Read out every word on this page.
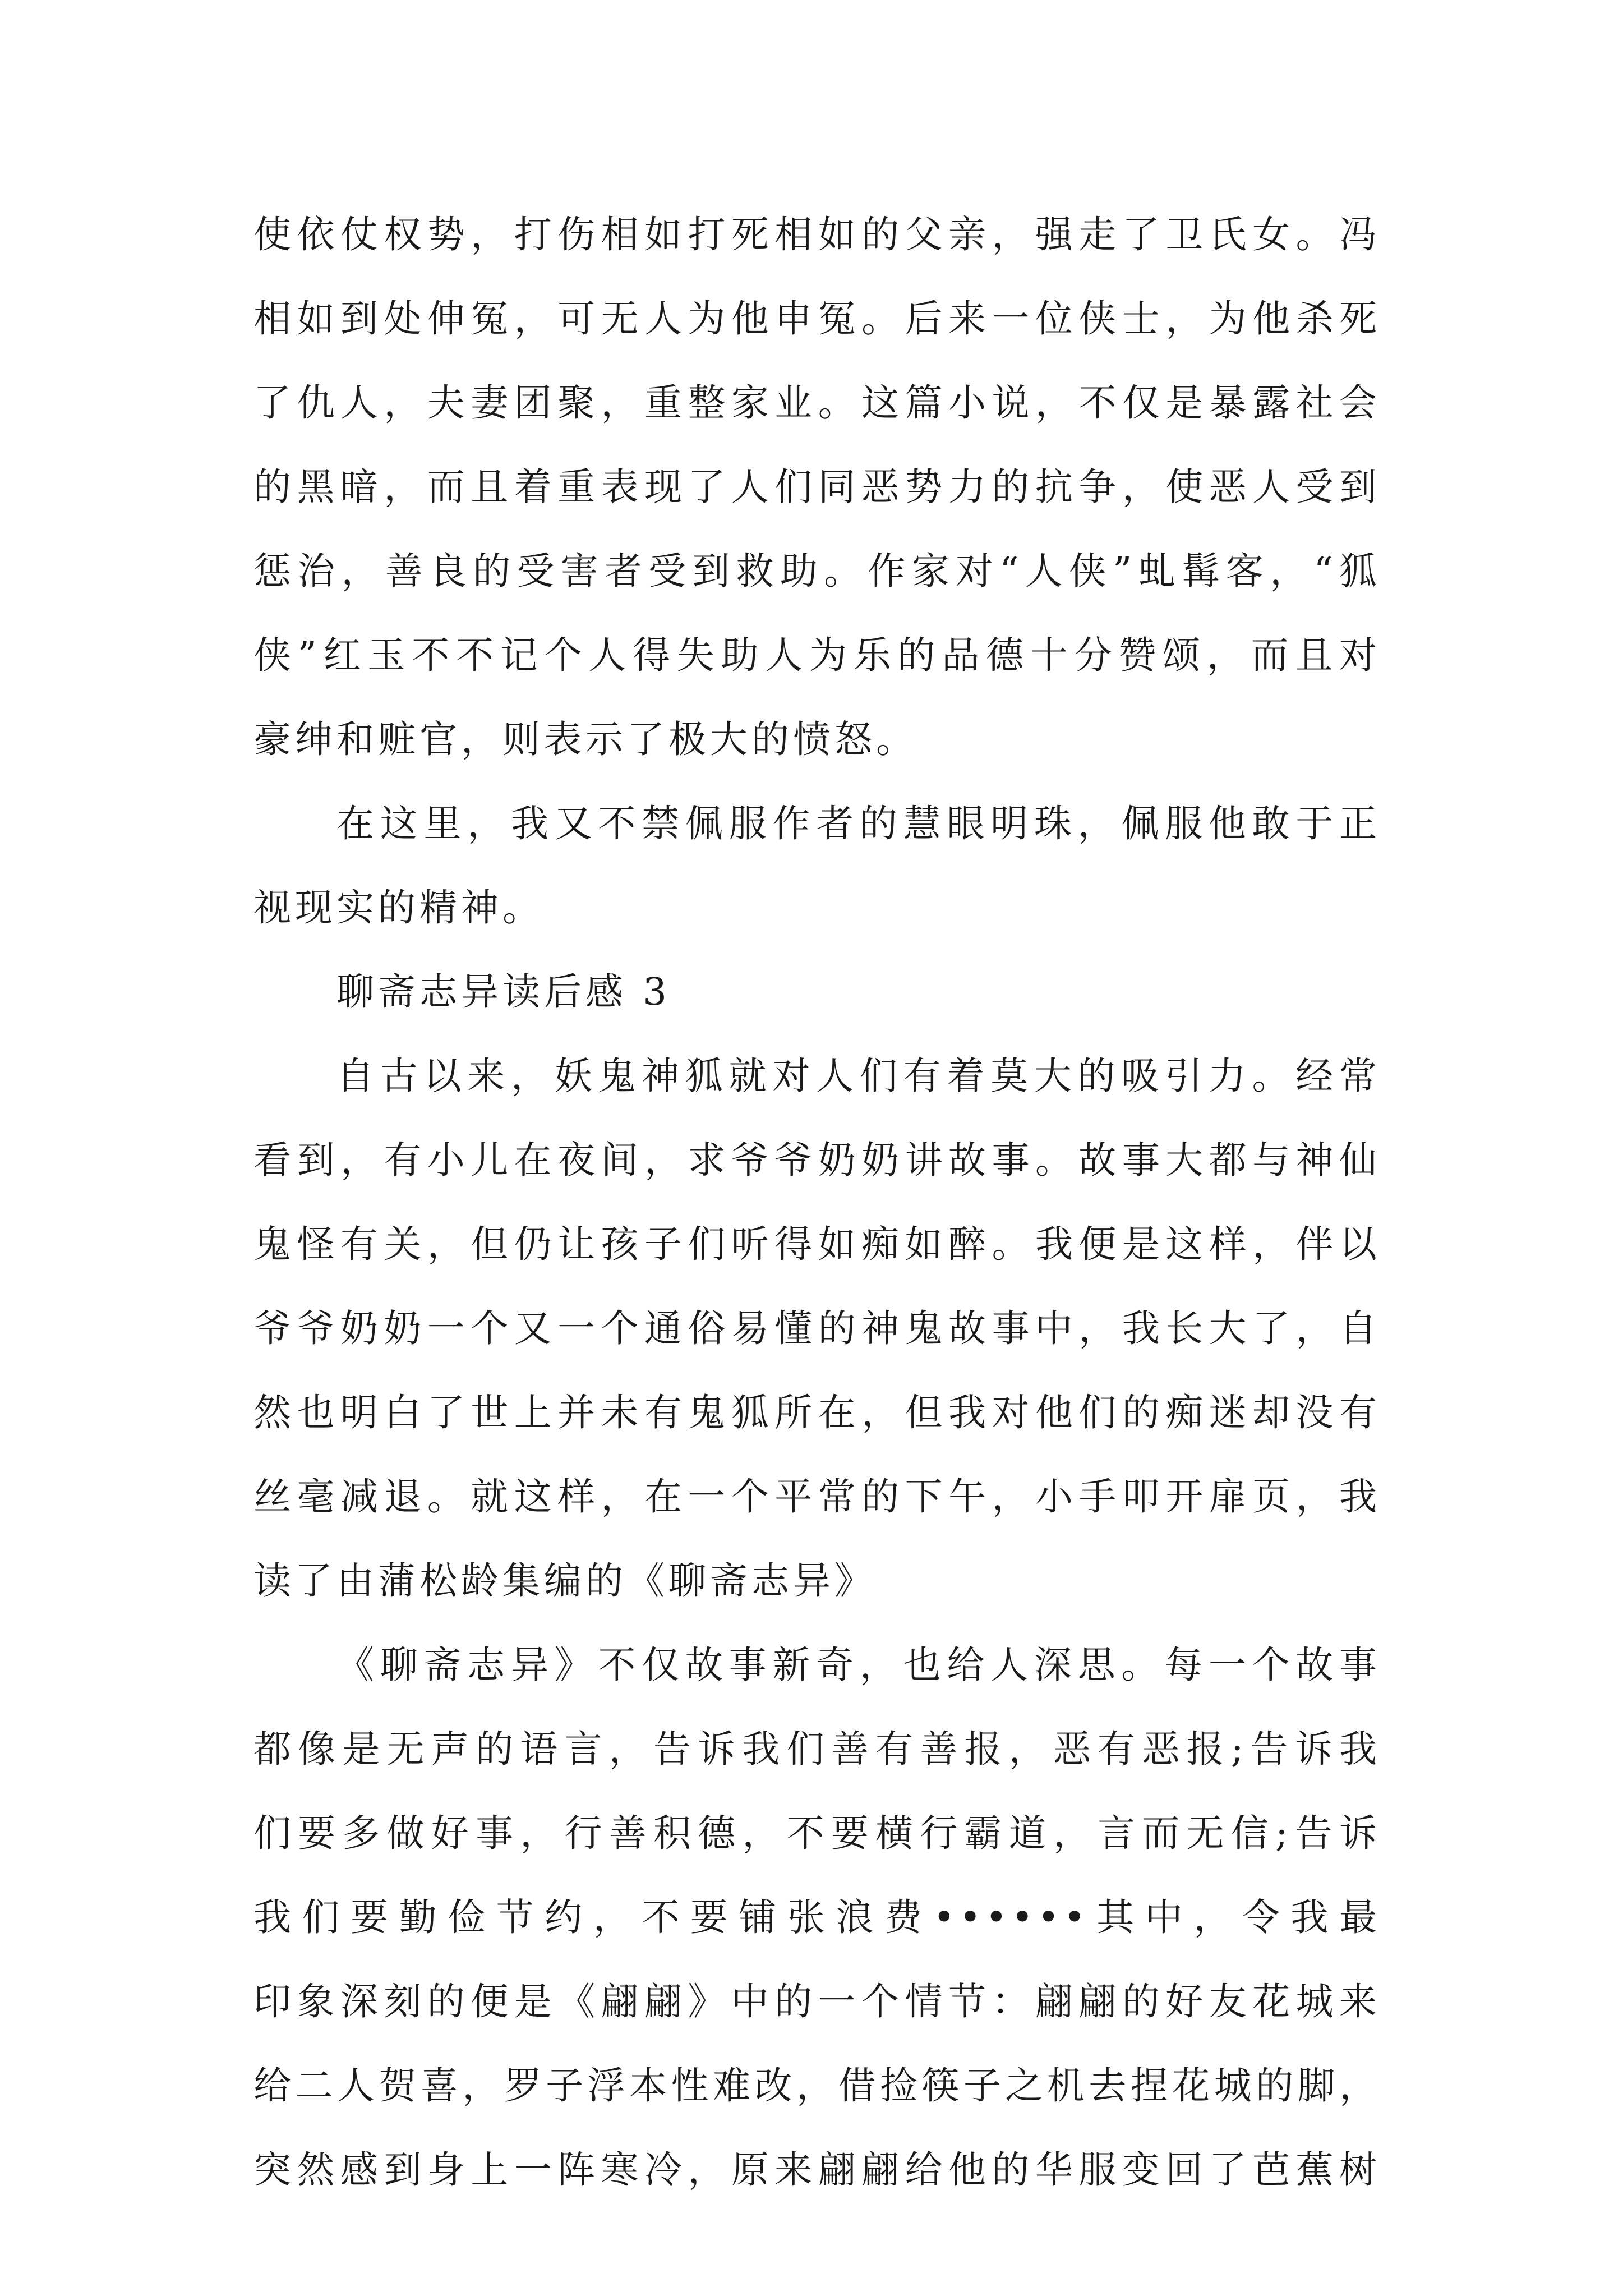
使依仗权势，打伤相如打死相如的父亲，强走了卫氏女。冯
相如到处伸冤，可无人为他申冤。后来一位侠士，为他杀死
了仇人，夫妻团聚，重整家业。这篇小说，不仅是暴露社会
的黑暗，而且着重表现了人们同恶势力的抗争，使恶人受到
惩治，善良的受害者受到救助。作家对“人侠”虬髯客，“狐
侠”红玉不不记个人得失助人为乐的品德十分赞颂，而且对
豪绅和赃官，则表示了极大的愤怒。
在这里，我又不禁佩服作者的慧眼明珠，佩服他敢于正
视现实的精神。
聊斋志异读后感 3
自古以来，妖鬼神狐就对人们有着莫大的吸引力。经常
看到，有小儿在夜间，求爷爷奶奶讲故事。故事大都与神仙
鬼怪有关，但仍让孩子们听得如痴如醉。我便是这样，伴以
爷爷奶奶一个又一个通俗易懂的神鬼故事中，我长大了，自
然也明白了世上并未有鬼狐所在，但我对他们的痴迷却没有
丝毫减退。就这样，在一个平常的下午，小手叩开扉页，我
读了由蒲松龄集编的《聊斋志异》
《聊斋志异》不仅故事新奇，也给人深思。每一个故事
都像是无声的语言，告诉我们善有善报，恶有恶报;告诉我
们要多做好事，行善积德，不要横行霸道，言而无信;告诉
我们要勤俭节约，不要铺张浪费••••••其中，令我最
印象深刻的便是《翩翩》中的一个情节：翩翩的好友花城来
给二人贺喜，罗子浮本性难改，借捡筷子之机去捏花城的脚，
突然感到身上一阵寒冷，原来翩翩给他的华服变回了芭蕉树
